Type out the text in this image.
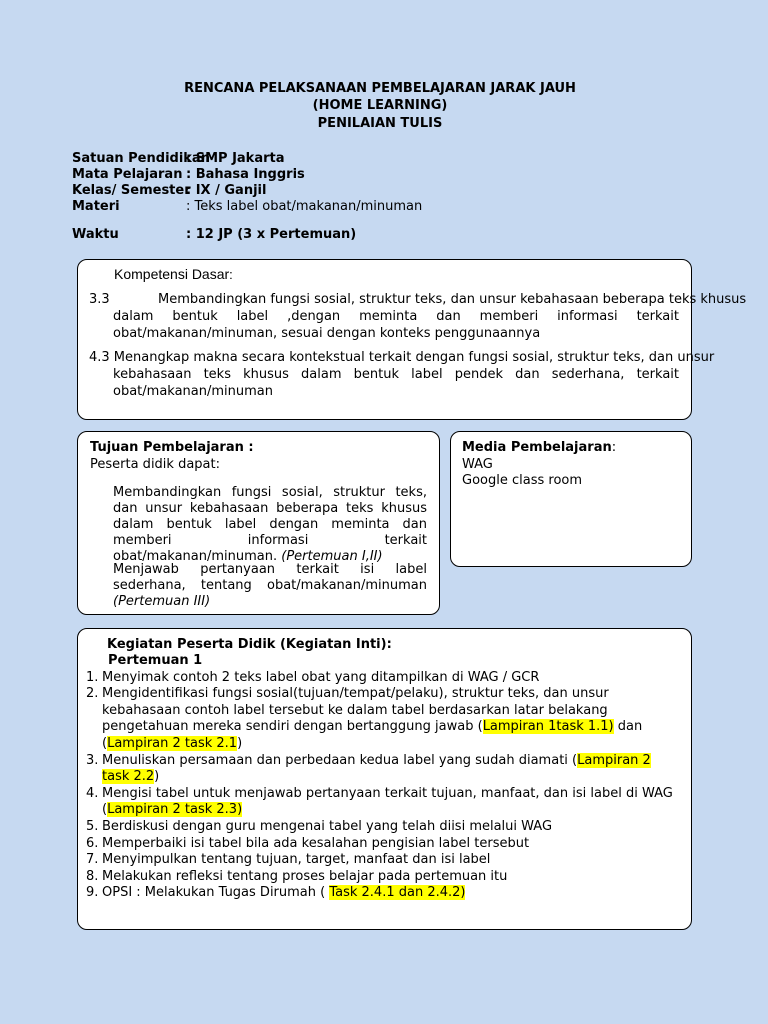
RENCANA PELAKSANAAN PEMBELAJARAN JARAK JAUH
(HOME LEARNING)
PENILAIAN TULIS
Satuan Pendidikan: SMP Jakarta
Mata Pelajaran : Bahasa Inggris
Kelas/ Semester: IX / Ganjil
Materi	: Teks label obat/makanan/minuman
Waktu	: 12 JP (3 x Pertemuan)
Kompetensi Dasar:
3.3	Membandingkan fungsi sosial, struktur teks, dan unsur kebahasaan beberapa teks khusus
dalam bentuk label ,dengan meminta dan memberi informasi terkait obat/makanan/minuman, sesuai dengan konteks penggunaannya
4.3 Menangkap makna secara kontekstual terkait dengan fungsi sosial, struktur teks, dan unsur
kebahasaan teks khusus dalam bentuk label pendek dan sederhana, terkait obat/makanan/minuman
Tujuan Pembelajaran :
Peserta didik dapat:
Membandingkan fungsi sosial, struktur teks, dan unsur kebahasaan beberapa teks khusus dalam bentuk label dengan meminta dan memberi informasi terkait obat/makanan/minuman. (Pertemuan I,II)
Menjawab pertanyaan terkait isi label sederhana, tentang obat/makanan/minuman (Pertemuan III)
Media Pembelajaran:
WAG
Google class room
Kegiatan Peserta Didik (Kegiatan Inti):
Pertemuan 1
1. Menyimak contoh 2 teks label obat yang ditampilkan di WAG / GCR
2. Mengidentifikasi fungsi sosial(tujuan/tempat/pelaku), struktur teks, dan unsur kebahasaan contoh label tersebut ke dalam tabel berdasarkan latar belakang pengetahuan mereka sendiri dengan bertanggung jawab (Lampiran 1task 1.1) dan (Lampiran 2 task 2.1)
3. Menuliskan persamaan dan perbedaan kedua label yang sudah diamati (Lampiran 2 task 2.2)
4. Mengisi tabel untuk menjawab pertanyaan terkait tujuan, manfaat, dan isi label di WAG (Lampiran 2 task 2.3)
5. Berdiskusi dengan guru mengenai tabel yang telah diisi melalui WAG
6. Memperbaiki isi tabel bila ada kesalahan pengisian label tersebut
7. Menyimpulkan tentang tujuan, target, manfaat dan isi label
8. Melakukan refleksi tentang proses belajar pada pertemuan itu
9. OPSI : Melakukan Tugas Dirumah ( Task 2.4.1 dan 2.4.2)
